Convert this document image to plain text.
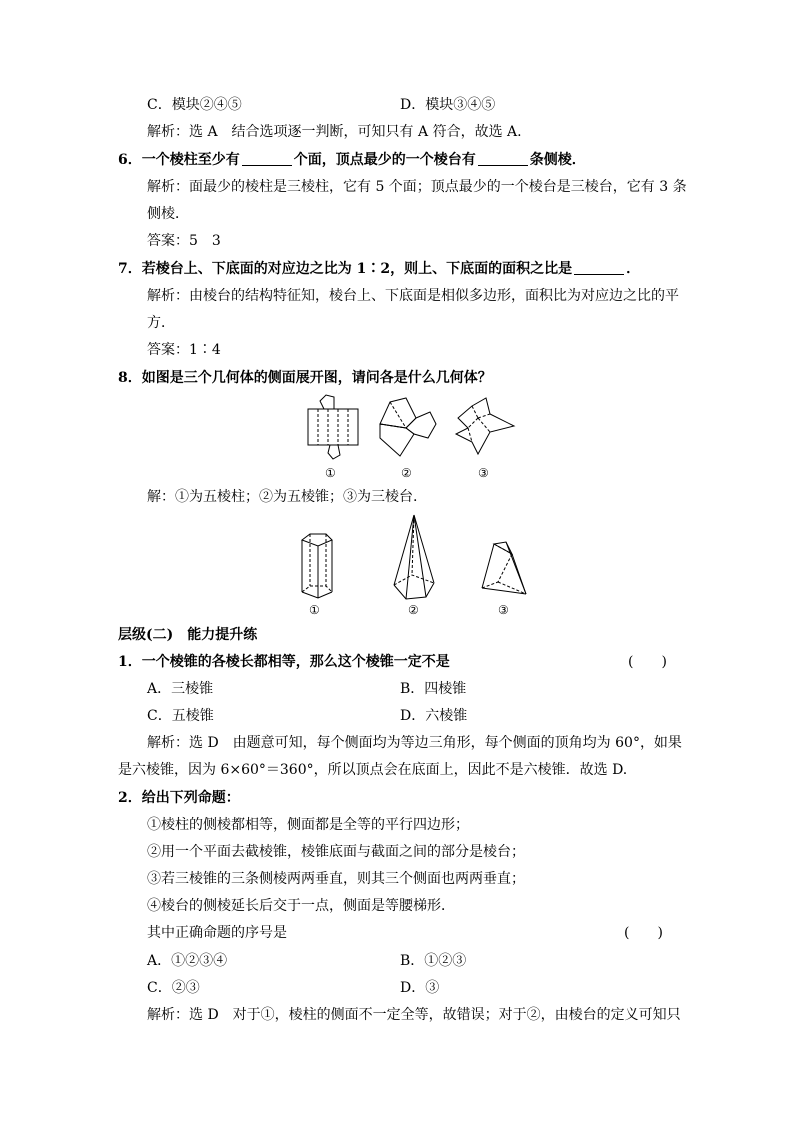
C．模块②④⑤	D．模块③④⑤
解析：选 A　结合选项逐一判断，可知只有 A 符合，故选 A.
6．一个棱柱至少有	个面，顶点最少的一个棱台有	条侧棱．
解析：面最少的棱柱是三棱柱，它有 5 个面；顶点最少的一个棱台是三棱台，它有 3 条
侧棱．
答案：5　3
7．若棱台上、下底面的对应边之比为 1∶2，则上、下底面的面积之比是	．
解析：由棱台的结构特征知，棱台上、下底面是相似多边形，面积比为对应边之比的平
方．
答案：1∶4
8．如图是三个几何体的侧面展开图，请问各是什么几何体？
①	②	③
解：①为五棱柱；②为五棱锥；③为三棱台.
①	②	③
层级(二)　能力提升练
1．一个棱锥的各棱长都相等，那么这个棱锥一定不是	(　　)
A．三棱锥	B．四棱锥
C．五棱锥	D．六棱锥
解析：选 D　由题意可知，每个侧面均为等边三角形，每个侧面的顶角均为 60°，如果
是六棱锥，因为 6×60°＝360°，所以顶点会在底面上，因此不是六棱锥．故选 D.
2．给出下列命题：
①棱柱的侧棱都相等，侧面都是全等的平行四边形；
②用一个平面去截棱锥，棱锥底面与截面之间的部分是棱台；
③若三棱锥的三条侧棱两两垂直，则其三个侧面也两两垂直；
④棱台的侧棱延长后交于一点，侧面是等腰梯形．
其中正确命题的序号是	(　　)
A．①②③④	B．①②③
C．②③	D．③
解析：选 D　对于①，棱柱的侧面不一定全等，故错误；对于②，由棱台的定义可知只
